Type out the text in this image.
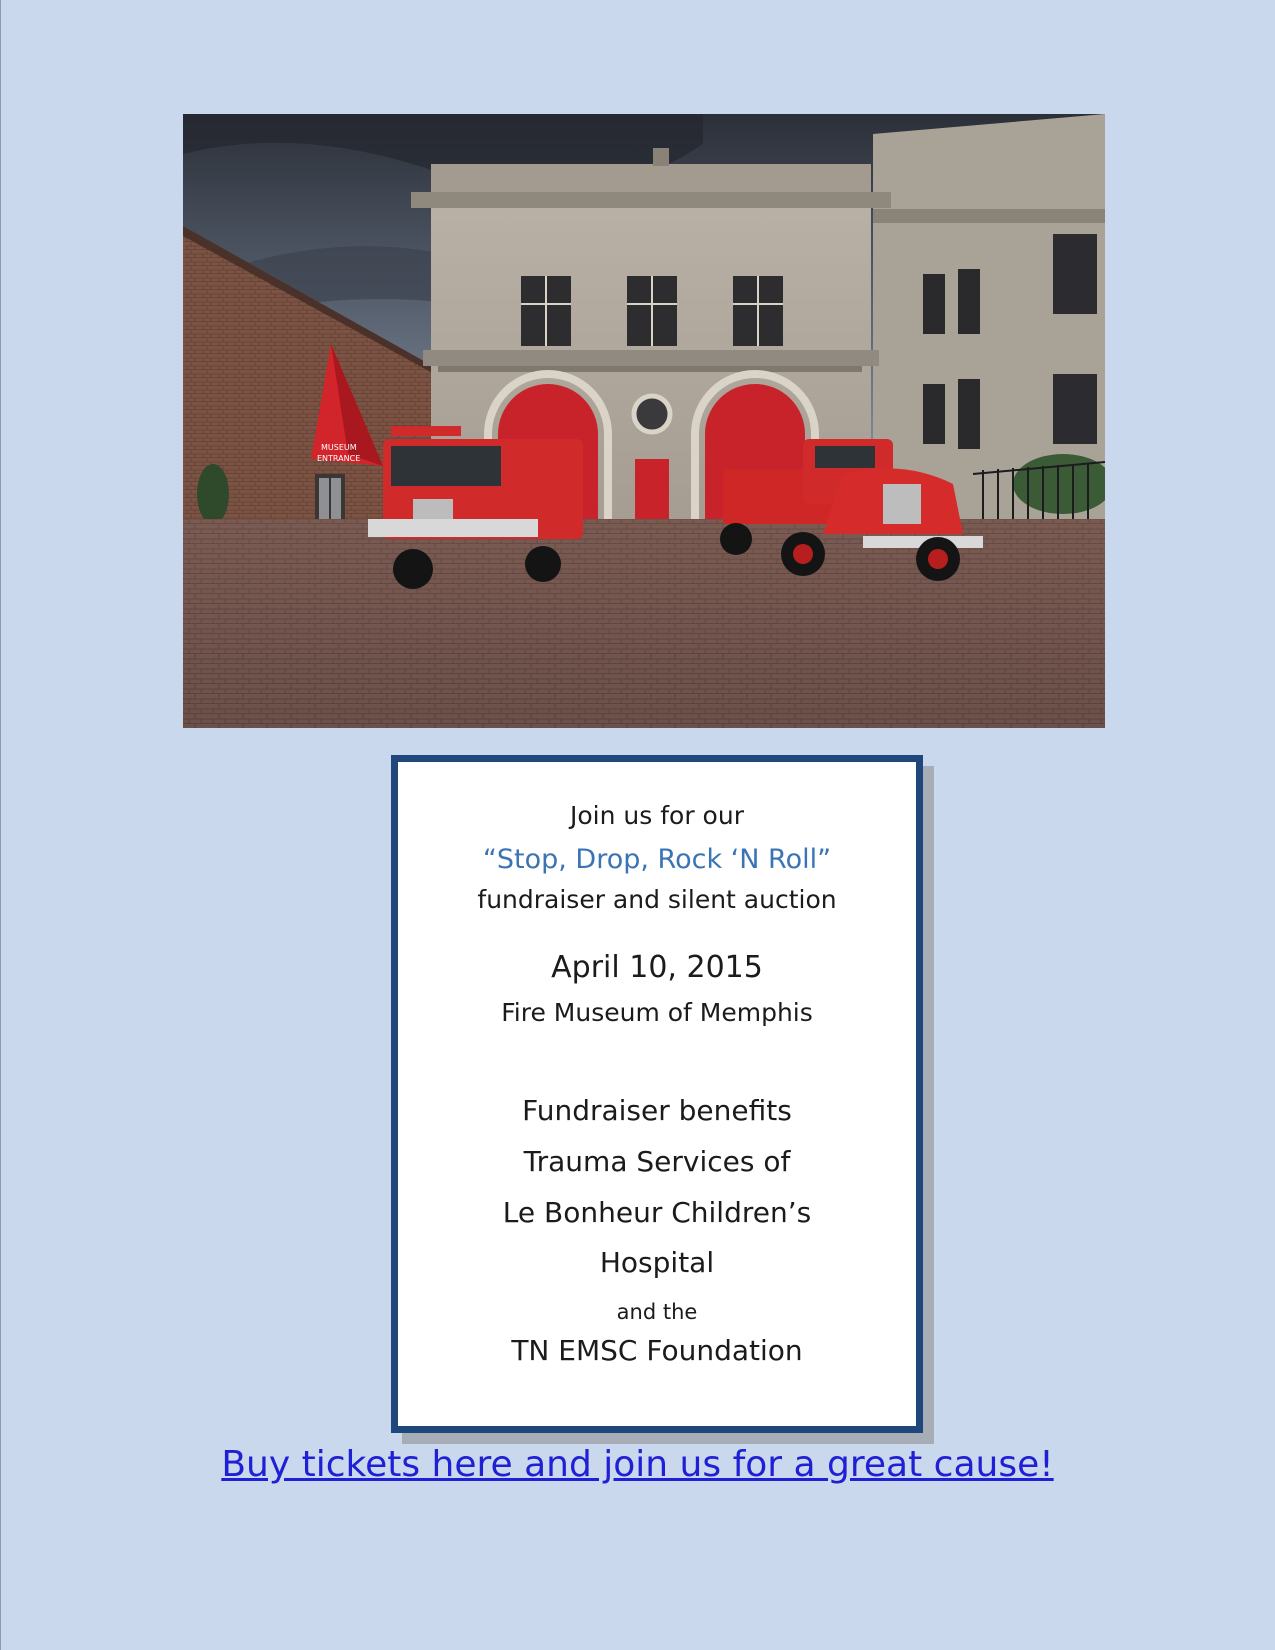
MUSEUM
ENTRANCE
Join us for our
“Stop, Drop, Rock ‘N Roll”
fundraiser and silent auction
April 10, 2015
Fire Museum of Memphis
Fundraiser benefits
Trauma Services of
Le Bonheur Children’s
Hospital
and the
TN EMSC Foundation
Buy tickets here and join us for a great cause!
